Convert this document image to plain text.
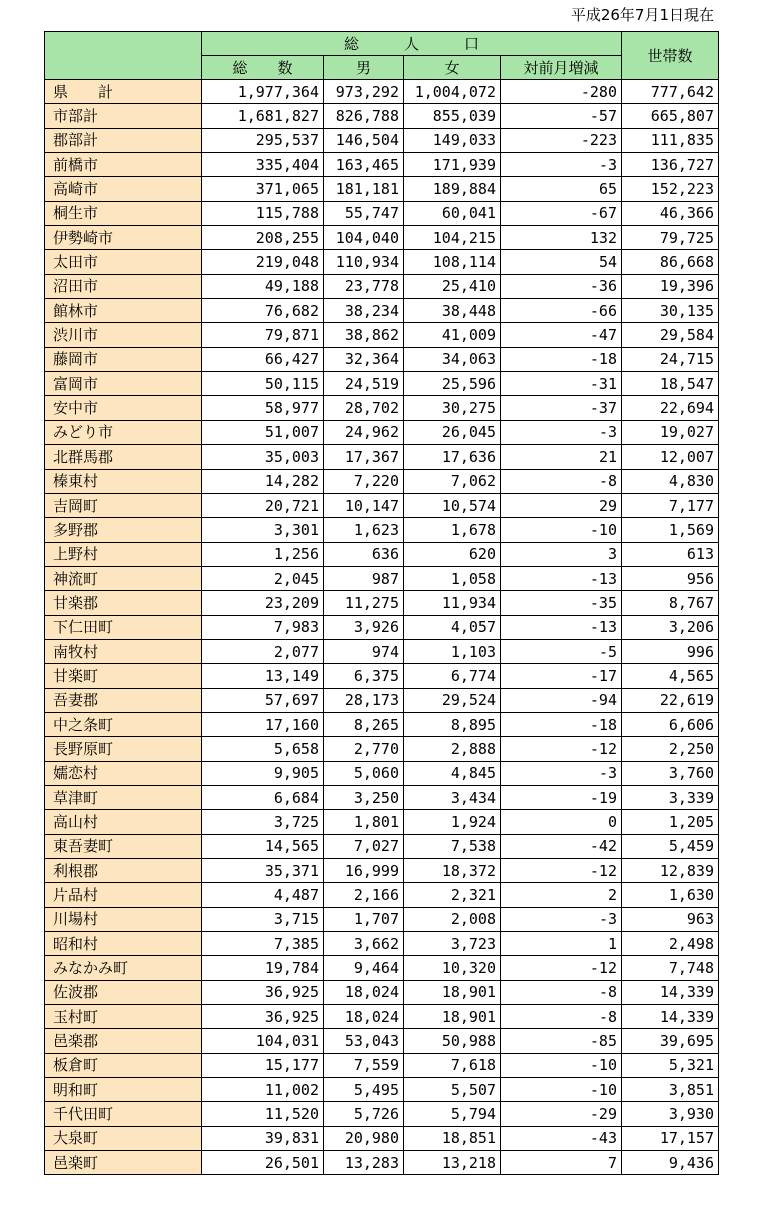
平成26年7月1日現在
	総　　　人　　　口				世帯数
	総　　数	男	女	対前月増減	
県　　計	1,977,364	973,292	1,004,072	-280	777,642
市部計	1,681,827	826,788	855,039	-57	665,807
郡部計	295,537	146,504	149,033	-223	111,835
前橋市	335,404	163,465	171,939	-3	136,727
高崎市	371,065	181,181	189,884	65	152,223
桐生市	115,788	55,747	60,041	-67	46,366
伊勢崎市	208,255	104,040	104,215	132	79,725
太田市	219,048	110,934	108,114	54	86,668
沼田市	49,188	23,778	25,410	-36	19,396
館林市	76,682	38,234	38,448	-66	30,135
渋川市	79,871	38,862	41,009	-47	29,584
藤岡市	66,427	32,364	34,063	-18	24,715
富岡市	50,115	24,519	25,596	-31	18,547
安中市	58,977	28,702	30,275	-37	22,694
みどり市	51,007	24,962	26,045	-3	19,027
北群馬郡	35,003	17,367	17,636	21	12,007
榛東村	14,282	7,220	7,062	-8	4,830
吉岡町	20,721	10,147	10,574	29	7,177
多野郡	3,301	1,623	1,678	-10	1,569
上野村	1,256	636	620	3	613
神流町	2,045	987	1,058	-13	956
甘楽郡	23,209	11,275	11,934	-35	8,767
下仁田町	7,983	3,926	4,057	-13	3,206
南牧村	2,077	974	1,103	-5	996
甘楽町	13,149	6,375	6,774	-17	4,565
吾妻郡	57,697	28,173	29,524	-94	22,619
中之条町	17,160	8,265	8,895	-18	6,606
長野原町	5,658	2,770	2,888	-12	2,250
嬬恋村	9,905	5,060	4,845	-3	3,760
草津町	6,684	3,250	3,434	-19	3,339
高山村	3,725	1,801	1,924	0	1,205
東吾妻町	14,565	7,027	7,538	-42	5,459
利根郡	35,371	16,999	18,372	-12	12,839
片品村	4,487	2,166	2,321	2	1,630
川場村	3,715	1,707	2,008	-3	963
昭和村	7,385	3,662	3,723	1	2,498
みなかみ町	19,784	9,464	10,320	-12	7,748
佐波郡	36,925	18,024	18,901	-8	14,339
玉村町	36,925	18,024	18,901	-8	14,339
邑楽郡	104,031	53,043	50,988	-85	39,695
板倉町	15,177	7,559	7,618	-10	5,321
明和町	11,002	5,495	5,507	-10	3,851
千代田町	11,520	5,726	5,794	-29	3,930
大泉町	39,831	20,980	18,851	-43	17,157
邑楽町	26,501	13,283	13,218	7	9,436
